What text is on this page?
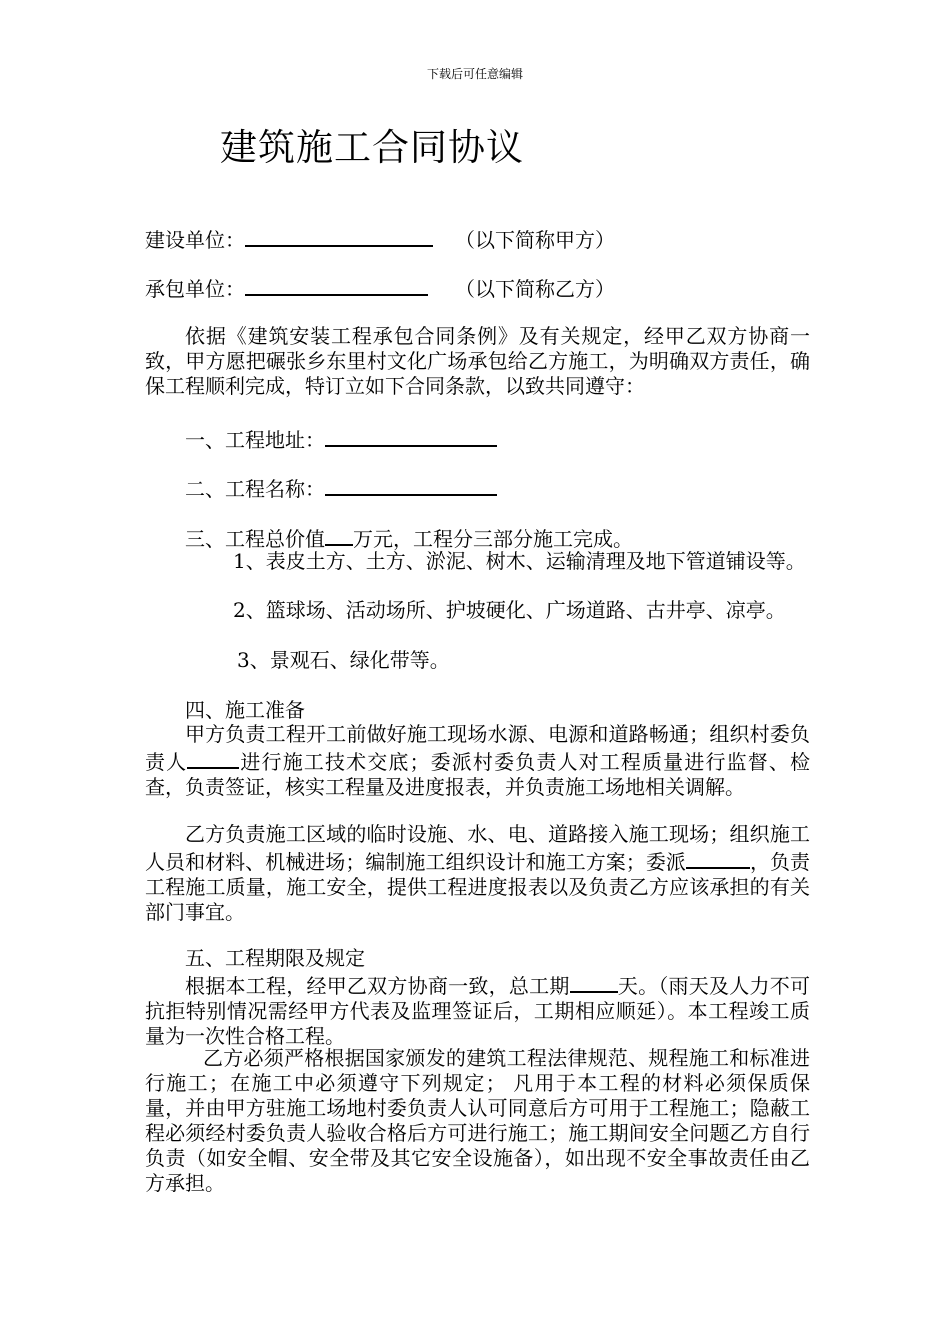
下载后可任意编辑
建筑施工合同协议
建设单位：	（以下简称甲方）
承包单位：	（以下简称乙方）
依据《建筑安装工程承包合同条例》及有关规定，经甲乙双方协商一致，甲方愿把碾张乡东里村文化广场承包给乙方施工，为明确双方责任，确保工程顺利完成，特订立如下合同条款，以致共同遵守：
一、工程地址：
二、工程名称：
三、工程总价值 万元，工程分三部分施工完成。
1、表皮土方、土方、淤泥、树木、运输清理及地下管道铺设等。
2、篮球场、活动场所、护坡硬化、广场道路、古井亭、凉亭。
3、景观石、绿化带等。
四、施工准备
甲方负责工程开工前做好施工现场水源、电源和道路畅通；组织村委负责人	进行施工技术交底；委派村委负责人对工程质量进行监督、检查，负责签证，核实工程量及进度报表，并负责施工场地相关调解。
乙方负责施工区域的临时设施、水、电、道路接入施工现场；组织施工人员和材料、机械进场；编制施工组织设计和施工方案；委派	，负责工程施工质量，施工安全，提供工程进度报表以及负责乙方应该承担的有关部门事宜。
五、工程期限及规定
根据本工程，经甲乙双方协商一致，总工期 天。（雨天及人力不可抗拒特别情况需经甲方代表及监理签证后，工期相应顺延）。本工程竣工质量为一次性合格工程。
乙方必须严格根据国家颁发的建筑工程法律规范、规程施工和标准进行施工；在施工中必须遵守下列规定； 凡用于本工程的材料必须保质保量，并由甲方驻施工场地村委负责人认可同意后方可用于工程施工；隐蔽工程必须经村委负责人验收合格后方可进行施工；施工期间安全问题乙方自行负责（如安全帽、安全带及其它安全设施备），如出现不安全事故责任由乙方承担。
